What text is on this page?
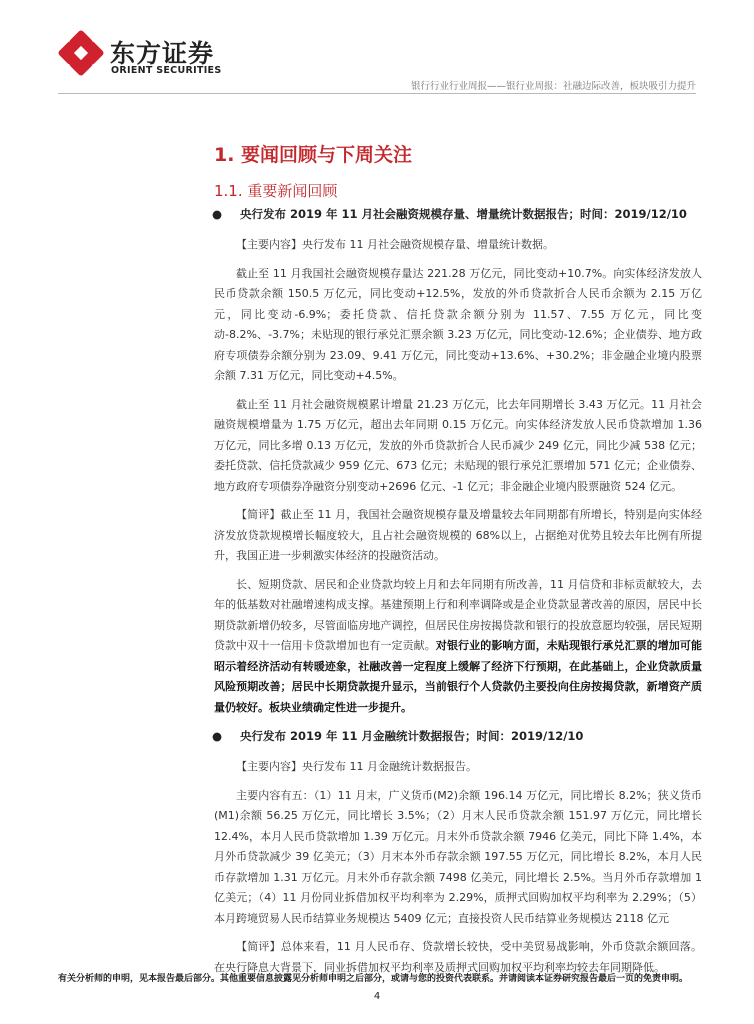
东方证券
ORIENT SECURITIES
银行行业行业周报——银行业周报：社融边际改善，板块吸引力提升
1. 要闻回顾与下周关注
1.1. 重要新闻回顾
● 央行发布 2019 年 11 月社会融资规模存量、增量统计数据报告；时间：2019/12/10

【主要内容】央行发布 11 月社会融资规模存量、增量统计数据。

截止至 11 月我国社会融资规模存量达 221.28 万亿元，同比变动+10.7%。向实体经济发放人民币贷款余额 150.5 万亿元，同比变动+12.5%，发放的外币贷款折合人民币余额为 2.15 万亿元，同比变动-6.9%；委托贷款、信托贷款余额分别为 11.57、7.55 万亿元，同比变动-8.2%、-3.7%；未贴现的银行承兑汇票余额 3.23 万亿元，同比变动-12.6%；企业债券、地方政府专项债券余额分别为 23.09、9.41 万亿元，同比变动+13.6%、+30.2%；非金融企业境内股票余额 7.31 万亿元，同比变动+4.5%。

截止至 11 月社会融资规模累计增量 21.23 万亿元，比去年同期增长 3.43 万亿元。11 月社会融资规模增量为 1.75 万亿元，超出去年同期 0.15 万亿元。向实体经济发放人民币贷款增加 1.36 万亿元，同比多增 0.13 万亿元，发放的外币贷款折合人民币减少 249 亿元，同比少减 538 亿元；委托贷款、信托贷款减少 959 亿元、673 亿元；未贴现的银行承兑汇票增加 571 亿元；企业债券、地方政府专项债券净融资分别变动+2696 亿元、-1 亿元；非金融企业境内股票融资 524 亿元。

【简评】截止至 11 月，我国社会融资规模存量及增量较去年同期都有所增长，特别是向实体经济发放贷款规模增长幅度较大，且占社会融资规模的 68%以上，占据绝对优势且较去年比例有所提升，我国正进一步刺激实体经济的投融资活动。

长、短期贷款、居民和企业贷款均较上月和去年同期有所改善，11 月信贷和非标贡献较大，去年的低基数对社融增速构成支撑。基建预期上行和利率调降或是企业贷款显著改善的原因，居民中长期贷款新增仍较多，尽管面临房地产调控，但居民住房按揭贷款和银行的投放意愿均较强，居民短期贷款中双十一信用卡贷款增加也有一定贡献。对银行业的影响方面，未贴现银行承兑汇票的增加可能昭示着经济活动有转暖迹象，社融改善一定程度上缓解了经济下行预期，在此基础上，企业贷款质量风险预期改善；居民中长期贷款提升显示，当前银行个人贷款仍主要投向住房按揭贷款，新增资产质量仍较好。板块业绩确定性进一步提升。

● 央行发布 2019 年 11 月金融统计数据报告；时间：2019/12/10

【主要内容】央行发布 11 月金融统计数据报告。

主要内容有五：（1）11 月末，广义货币(M2)余额 196.14 万亿元，同比增长 8.2%；狭义货币(M1)余额 56.25 万亿元，同比增长 3.5%；（2）月末人民币贷款余额 151.97 万亿元，同比增长 12.4%，本月人民币贷款增加 1.39 万亿元。月末外币贷款余额 7946 亿美元，同比下降 1.4%，本月外币贷款减少 39 亿美元；（3）月末本外币存款余额 197.55 万亿元，同比增长 8.2%，本月人民币存款增加 1.31 万亿元。月末外币存款余额 7498 亿美元，同比增长 2.5%。当月外币存款增加 1 亿美元；（4）11 月份同业拆借加权平均利率为 2.29%，质押式回购加权平均利率为 2.29%；（5）本月跨境贸易人民币结算业务规模达 5409 亿元；直接投资人民币结算业务规模达 2118 亿元

【简评】总体来看，11 月人民币存、贷款增长较快，受中美贸易战影响，外币贷款余额回落。在央行降息大背景下，同业拆借加权平均利率及质押式回购加权平均利率均较去年同期降低。

有关分析师的申明，见本报告最后部分。其他重要信息披露见分析师申明之后部分，或请与您的投资代表联系。并请阅读本证券研究报告最后一页的免责申明。
4
